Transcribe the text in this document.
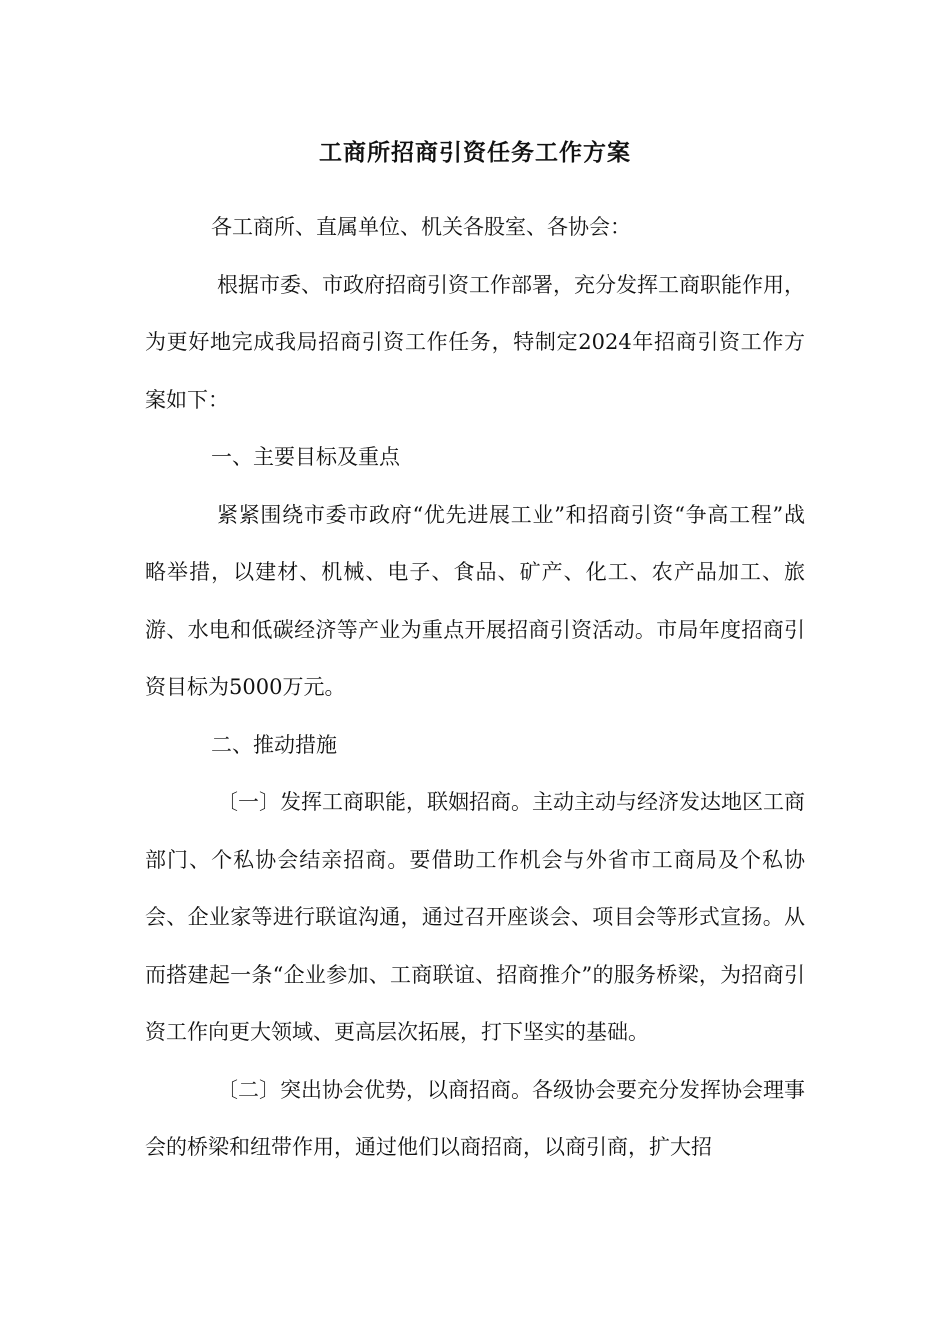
工商所招商引资任务工作方案

各工商所、直属单位、机关各股室、各协会：

根据市委、市政府招商引资工作部署，充分发挥工商职能作用，为更好地完成我局招商引资工作任务，特制定2024年招商引资工作方案如下：

一、主要目标及重点

紧紧围绕市委市政府“优先进展工业”和招商引资“争高工程”战略举措，以建材、机械、电子、食品、矿产、化工、农产品加工、旅游、水电和低碳经济等产业为重点开展招商引资活动。市局年度招商引资目标为5000万元。

二、推动措施

〔一〕发挥工商职能，联姻招商。主动主动与经济发达地区工商部门、个私协会结亲招商。要借助工作机会与外省市工商局及个私协会、企业家等进行联谊沟通，通过召开座谈会、项目会等形式宣扬。从而搭建起一条“企业参加、工商联谊、招商推介”的服务桥梁，为招商引资工作向更大领域、更高层次拓展，打下坚实的基础。

〔二〕突出协会优势，以商招商。各级协会要充分发挥协会理事会的桥梁和纽带作用，通过他们以商招商，以商引商，扩大招
